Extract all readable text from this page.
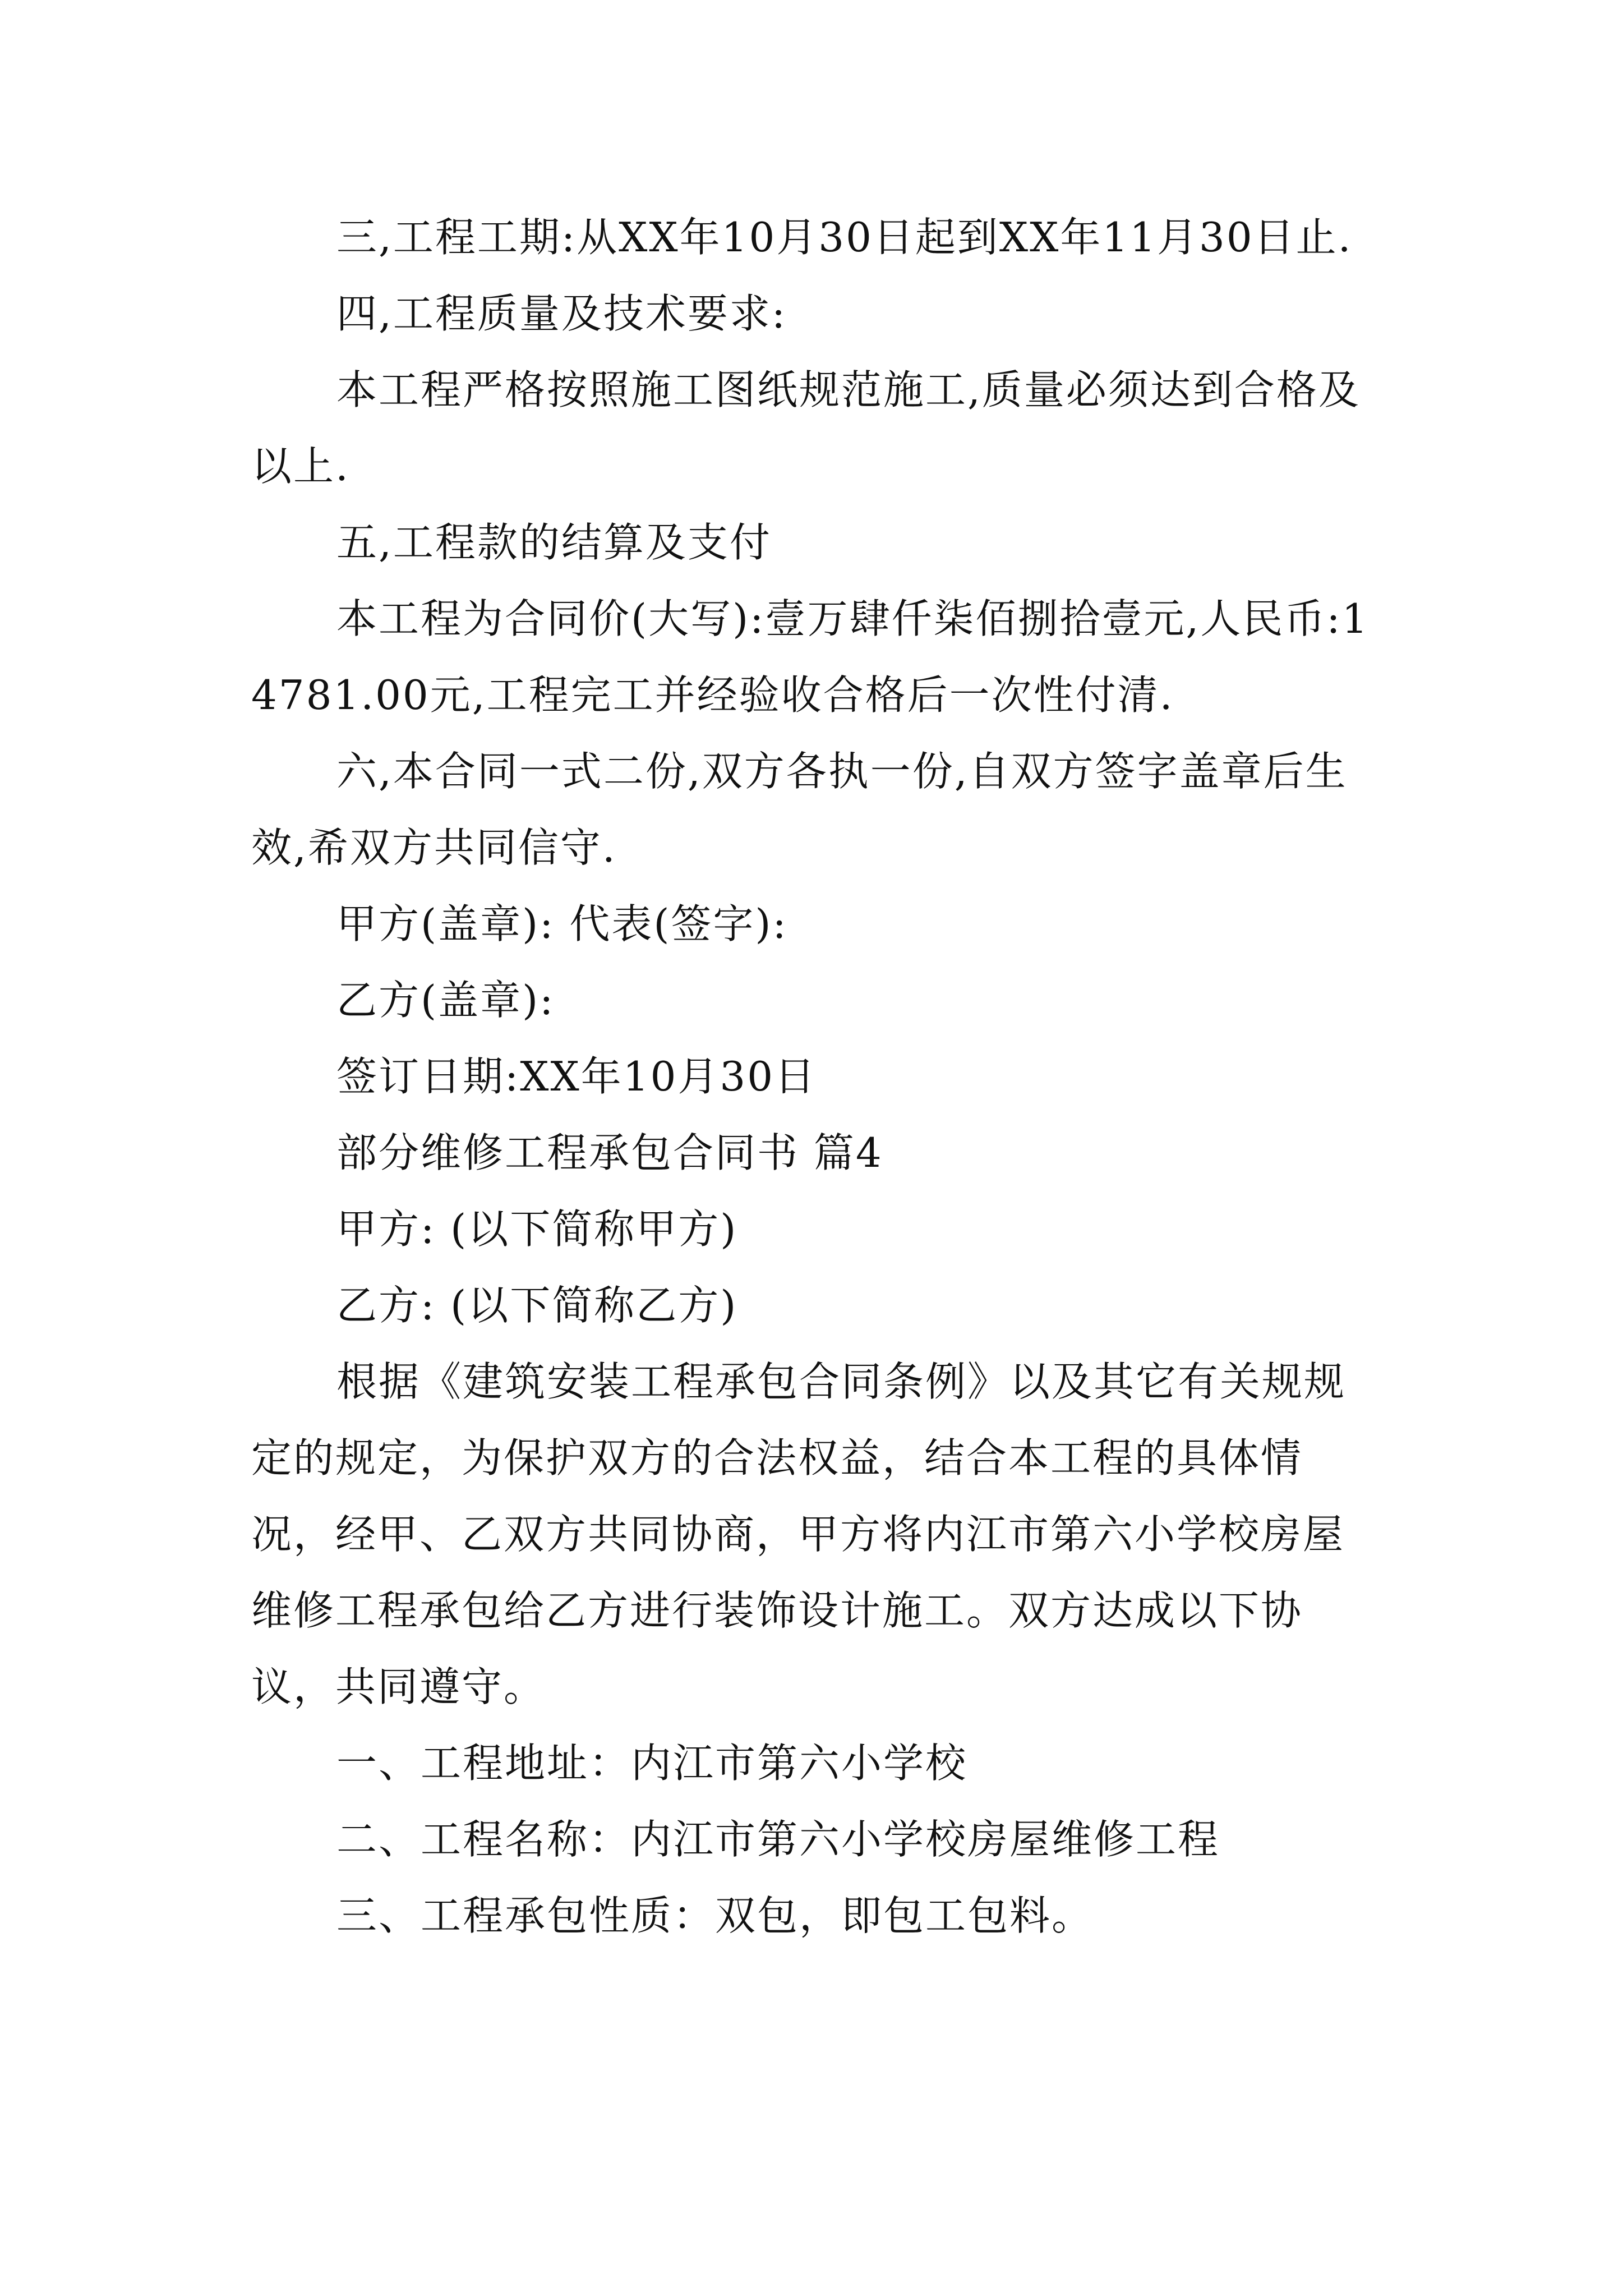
三,工程工期:从XX年10月30日起到XX年11月30日止.

四,工程质量及技术要求:

本工程严格按照施工图纸规范施工,质量必须达到合格及以上.

五,工程款的结算及支付

本工程为合同价(大写):壹万肆仟柒佰捌拾壹元,人民币:14781.00元,工程完工并经验收合格后一次性付清.

六,本合同一式二份,双方各执一份,自双方签字盖章后生效,希双方共同信守.

甲方(盖章): 代表(签字):

乙方(盖章):

签订日期:XX年10月30日

部分维修工程承包合同书 篇4

甲方: (以下简称甲方)

乙方: (以下简称乙方)

根据《建筑安装工程承包合同条例》以及其它有关规规定的规定，为保护双方的合法权益，结合本工程的具体情况，经甲、乙双方共同协商，甲方将内江市第六小学校房屋维修工程承包给乙方进行装饰设计施工。双方达成以下协议，共同遵守。

一、工程地址：内江市第六小学校

二、工程名称：内江市第六小学校房屋维修工程

三、工程承包性质：双包，即包工包料。
